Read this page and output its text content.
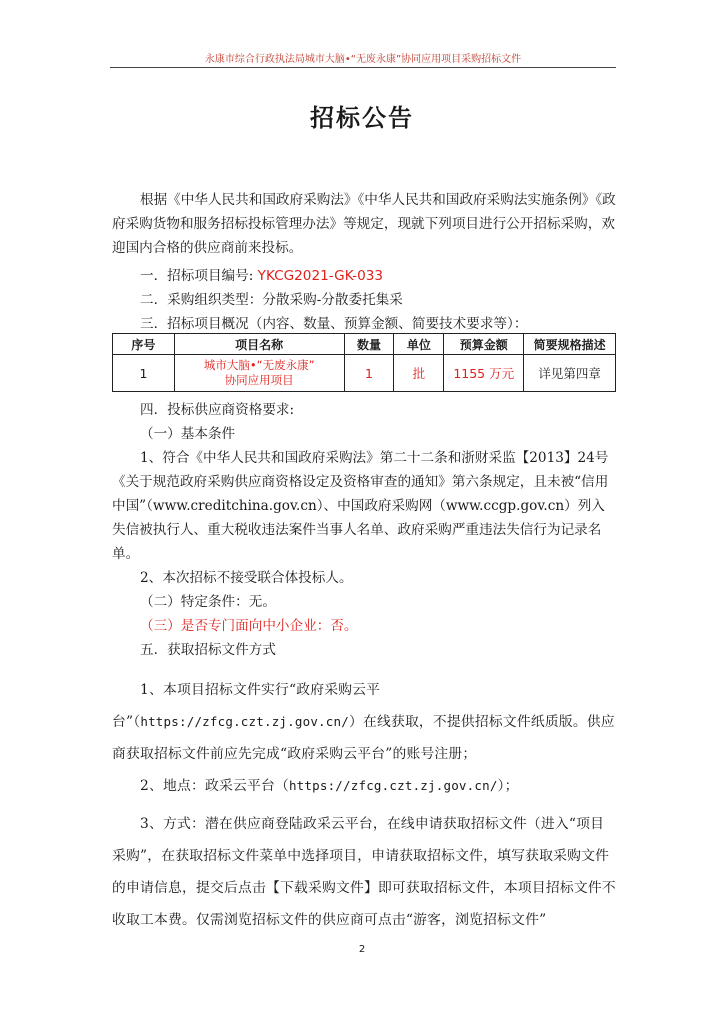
永康市综合行政执法局城市大脑•“无废永康”协同应用项目采购招标文件
招标公告

根据《中华人民共和国政府采购法》《中华人民共和国政府采购法实施条例》《政府采购货物和服务招标投标管理办法》等规定，现就下列项目进行公开招标采购，欢迎国内合格的供应商前来投标。

一．招标项目编号: YKCG2021-GK-033

二．采购组织类型：分散采购-分散委托集采

三．招标项目概况（内容、数量、预算金额、简要技术要求等）：

序号	项目名称	数量	单位	预算金额	简要规格描述
1	城市大脑•“无废永康”
协同应用项目	1	批	1155 万元	详见第四章

四．投标供应商资格要求:

（一）基本条件

1、符合《中华人民共和国政府采购法》第二十二条和浙财采监【2013】24号《关于规范政府采购供应商资格设定及资格审查的通知》第六条规定，且未被“信用中国”（www.creditchina.gov.cn）、中国政府采购网（www.ccgp.gov.cn）列入失信被执行人、重大税收违法案件当事人名单、政府采购严重违法失信行为记录名单。

2、本次招标不接受联合体投标人。

（二）特定条件：无。

（三）是否专门面向中小企业：否。

五．获取招标文件方式

1、本项目招标文件实行“政府采购云平台”（https://zfcg.czt.zj.gov.cn/）在线获取，不提供招标文件纸质版。供应商获取招标文件前应先完成“政府采购云平台”的账号注册；

2、地点：政采云平台（https://zfcg.czt.zj.gov.cn/）；

3、方式：潜在供应商登陆政采云平台，在线申请获取招标文件（进入“项目采购”，在获取招标文件菜单中选择项目，申请获取招标文件，填写获取采购文件的申请信息，提交后点击【下载采购文件】即可获取招标文件，本项目招标文件不收取工本费。仅需浏览招标文件的供应商可点击“游客，浏览招标文件”

2
